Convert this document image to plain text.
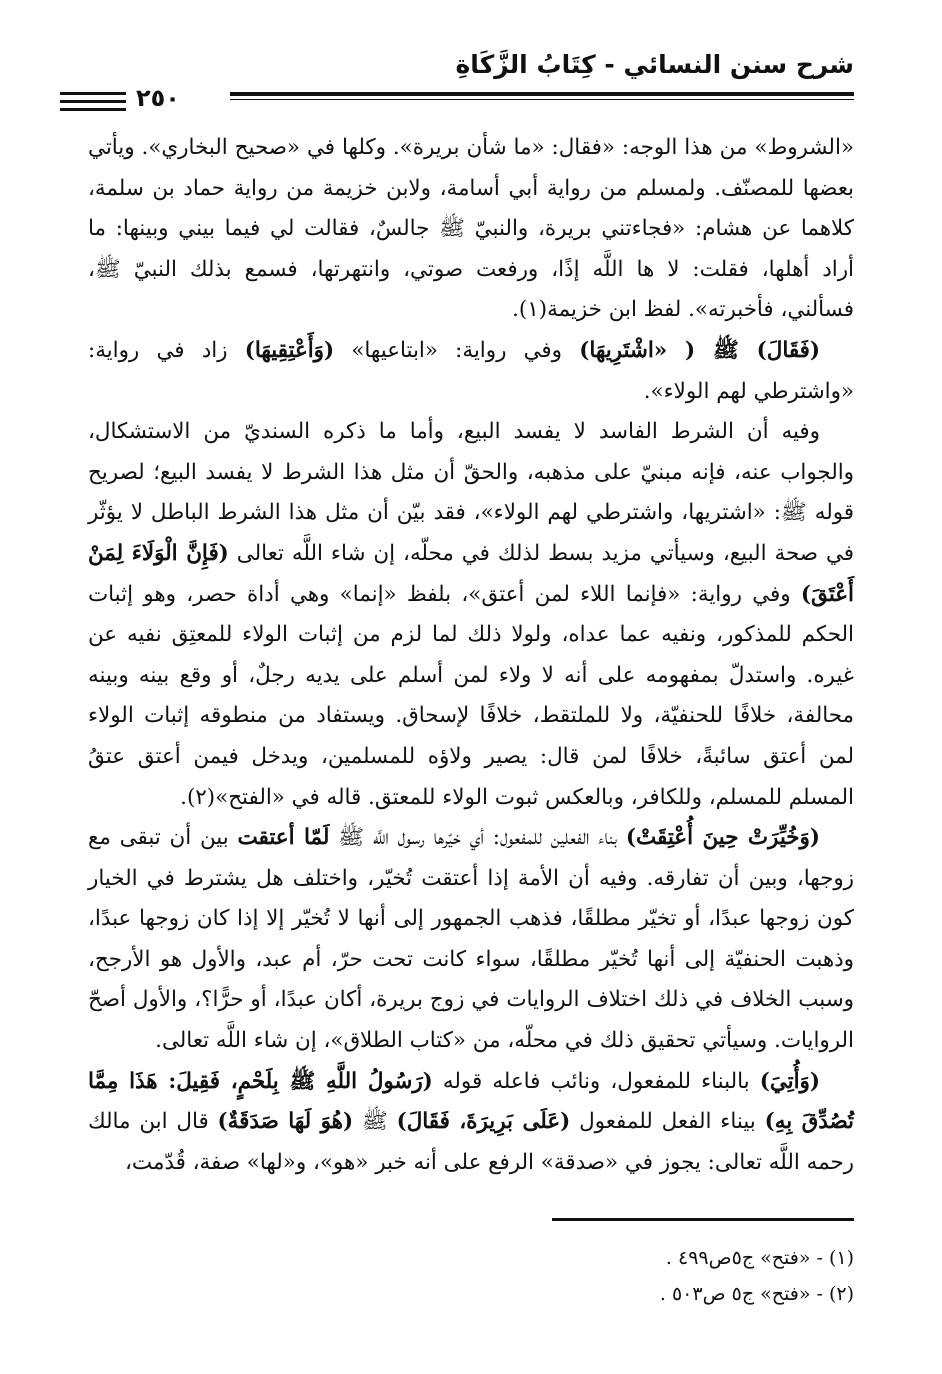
شرح سنن النسائي - كِتَابُ الزَّكَاةِ
٢٥٠

«الشروط» من هذا الوجه: «فقال: «ما شأن بريرة». وكلها في «صحيح البخاري». ويأتي بعضها للمصنّف. ولمسلم من رواية أبي أسامة، ولابن خزيمة من رواية حماد بن سلمة، كلاهما عن هشام: «فجاءتني بريرة، والنبيّ ﷺ جالسٌ، فقالت لي فيما بيني وبينها: ما أراد أهلها، فقلت: لا ها اللَّه إذًا، ورفعت صوتي، وانتهرتها، فسمع بذلك النبيّ ﷺ، فسألني، فأخبرته». لفظ ابن خزيمة(١).

(فَقَالَ) ﷺ ( «اشْتَرِيهَا) وفي رواية: «ابتاعيها» (وَأَعْتِقِيهَا) زاد في رواية: «واشترطي لهم الولاء».

وفيه أن الشرط الفاسد لا يفسد البيع، وأما ما ذكره السنديّ من الاستشكال، والجواب عنه، فإنه مبنيّ على مذهبه، والحقّ أن مثل هذا الشرط لا يفسد البيع؛ لصريح قوله ﷺ: «اشتريها، واشترطي لهم الولاء»، فقد بيّن أن مثل هذا الشرط الباطل لا يؤثّر في صحة البيع، وسيأتي مزيد بسط لذلك في محلّه، إن شاء اللَّه تعالى (فَإِنَّ الْوَلَاءَ لِمَنْ أَعْتَقَ) وفي رواية: «فإنما اللاء لمن أعتق»، بلفظ «إنما» وهي أداة حصر، وهو إثبات الحكم للمذكور، ونفيه عما عداه، ولولا ذلك لما لزم من إثبات الولاء للمعتِق نفيه عن غيره. واستدلّ بمفهومه على أنه لا ولاء لمن أسلم على يديه رجلٌ، أو وقع بينه وبينه محالفة، خلافًا للحنفيّة، ولا للملتقط، خلافًا لإسحاق. ويستفاد من منطوقه إثبات الولاء لمن أعتق سائبةً، خلافًا لمن قال: يصير ولاؤه للمسلمين، ويدخل فيمن أعتق عتقُ المسلم للمسلم، وللكافر، وبالعكس ثبوت الولاء للمعتق. قاله في «الفتح»(٢).

(وَخُيِّرَتْ حِينَ أُعْتِقَتْ) بناء الفعلين للمفعول: أي خيّرها رسول اللَّه ﷺ لَمّا أعتقت بين أن تبقى مع زوجها، وبين أن تفارقه. وفيه أن الأمة إذا أعتقت تُخيّر، واختلف هل يشترط في الخيار كون زوجها عبدًا، أو تخيّر مطلقًا، فذهب الجمهور إلى أنها لا تُخيّر إلا إذا كان زوجها عبدًا، وذهبت الحنفيّة إلى أنها تُخيّر مطلقًا، سواء كانت تحت حرّ، أم عبد، والأول هو الأرجح، وسبب الخلاف في ذلك اختلاف الروايات في زوج بريرة، أكان عبدًا، أو حرًّا؟، والأول أصحّ الروايات. وسيأتي تحقيق ذلك في محلّه، من «كتاب الطلاق»، إن شاء اللَّه تعالى.

(وَأُتِيَ) بالبناء للمفعول، ونائب فاعله قوله (رَسُولُ اللَّهِ ﷺ بِلَحْمٍ، فَقِيلَ: هَذَا مِمَّا تُصُدِّقَ بِهِ) بيناء الفعل للمفعول (عَلَى بَرِيرَةَ، فَقَالَ) ﷺ (هُوَ لَهَا صَدَقَةٌ) قال ابن مالك رحمه اللَّه تعالى: يجوز في «صدقة» الرفع على أنه خبر «هو»، و«لها» صفة، قُدّمت،

(١) - «فتح» ج٥ص٤٩٩ .

(٢) - «فتح» ج٥ ص٥٠٣ .
